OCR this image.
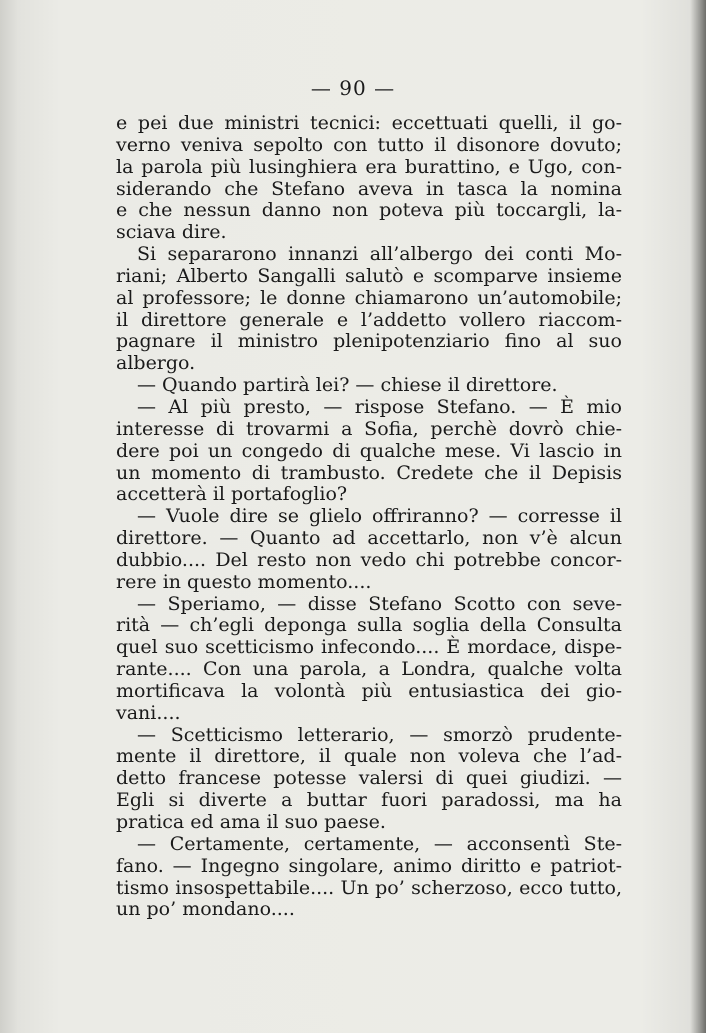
— 90 —
e pei due ministri tecnici: eccettuati quelli, il go-
verno veniva sepolto con tutto il disonore dovuto;
la parola più lusinghiera era burattino, e Ugo, con-
siderando che Stefano aveva in tasca la nomina
e che nessun danno non poteva più toccargli, la-
sciava dire.
Si separarono innanzi all’albergo dei conti Mo-
riani; Alberto Sangalli salutò e scomparve insieme
al professore; le donne chiamarono un’automobile;
il direttore generale e l’addetto vollero riaccom-
pagnare il ministro plenipotenziario fino al suo
albergo.
— Quando partirà lei? — chiese il direttore.
— Al più presto, — rispose Stefano. — È mio
interesse di trovarmi a Sofia, perchè dovrò chie-
dere poi un congedo di qualche mese. Vi lascio in
un momento di trambusto. Credete che il Depisis
accetterà il portafoglio?
— Vuole dire se glielo offriranno? — corresse il
direttore. — Quanto ad accettarlo, non v’è alcun
dubbio.... Del resto non vedo chi potrebbe concor-
rere in questo momento....
— Speriamo, — disse Stefano Scotto con seve-
rità — ch’egli deponga sulla soglia della Consulta
quel suo scetticismo infecondo.... È mordace, dispe-
rante.... Con una parola, a Londra, qualche volta
mortificava la volontà più entusiastica dei gio-
vani....
— Scetticismo letterario, — smorzò prudente-
mente il direttore, il quale non voleva che l’ad-
detto francese potesse valersi di quei giudizi. —
Egli si diverte a buttar fuori paradossi, ma ha
pratica ed ama il suo paese.
— Certamente, certamente, — acconsentì Ste-
fano. — Ingegno singolare, animo diritto e patriot-
tismo insospettabile.... Un po’ scherzoso, ecco tutto,
un po’ mondano....
